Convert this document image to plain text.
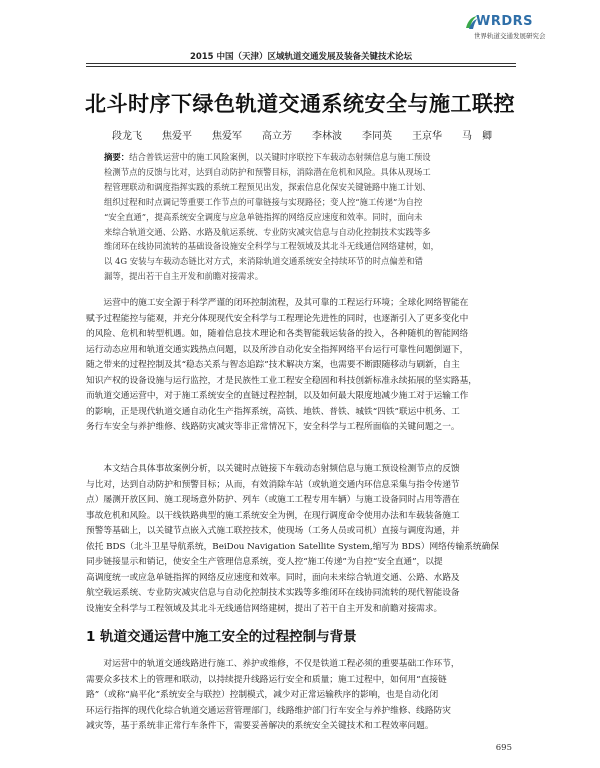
WRDRS
世界轨道交通发展研究会
2015 中国（天津）区域轨道交通发展及装备关键技术论坛
北斗时序下绿色轨道交通系统安全与施工联控
段龙飞 焦爱平 焦爱军 高立芳 李林波 李同英 王京华 马　卿
摘要：结合普铁运营中的施工风险案例，以关键时序联控下车载动态射频信息与施工预设
检测节点的反馈与比对，达到自动防护和预警目标，消除潜在危机和风险。具体从现场工
程管理联动和调度指挥实践的系统工程预见出发，探索信息化保安关键链路中施工计划、
组织过程和时点调记等重要工作节点的可靠链接与实现路径；变人控“施工传递”为自控
“安全直通”，提高系统安全调度与应急单链指挥的网络反应速度和效率。同时，面向未
来综合轨道交通、公路、水路及航运系统、专业防灾减灾信息与自动化控制技术实践等多
维闭环在线协同流转的基础设备设施安全科学与工程领域及其北斗无线通信网络建树，如，
以 4G 安装与车载动态链比对方式，来消除轨道交通系统安全持续环节的时点偏差和错
漏等，提出若干自主开发和前瞻对接需求。
　　运营中的施工安全源于科学严谨的闭环控制流程，及其可靠的工程运行环境；全球化网络智能在
赋予过程能控与能观，并充分体现现代安全科学与工程理论先进性的同时，也逐渐引入了更多变化中
的风险、危机和转型机遇。如，随着信息技术理论和各类智能载运装备的投入，各种随机的智能网络
运行动态应用和轨道交通实践热点问题，以及所涉自动化安全指挥网络平台运行可靠性问题倒逼下，
随之带来的过程控制及其“稳态关系与智态追踪”技术解决方案，也需要不断跟随移动与刷新，自主
知识产权的设备设施与运行监控，才是民族性工业工程安全稳固和科技创新标准永续拓展的坚实路基，
而轨道交通运营中，对于施工系统安全的直链过程控制，以及如何最大限度地减少施工对于运输工作
的影响，正是现代轨道交通自动化生产指挥系统，高铁、地铁、普铁、城铁“四铁”联运中机务、工
务行车安全与养护维修、线路防灾减灾等非正常情况下，安全科学与工程所面临的关键问题之一。
　　本文结合具体事故案例分析，以关键时点链接下车载动态射频信息与施工预设检测节点的反馈
与比对，达到自动防护和预警目标；从而，有效消除车站（或轨道交通内环信息采集与指令传递节
点）屡测开放区间、施工现场意外防护、列车（或施工工程专用车辆）与施工设备同时占用等潜在
事故危机和风险。以干线铁路典型的施工系统安全为例，在现行调度命令使用办法和车载装备施工
预警等基础上，以关键节点嵌入式施工联控技术，使现场（工务人员或司机）直接与调度沟通，并
依托 BDS（北斗卫星导航系统，BeiDou Navigation Satellite System,缩写为 BDS）网络传输系统确保
同步链接显示和销记，使安全生产管理信息系统，变人控“施工传递”为自控“安全直通”，以提
高调度统一或应急单链指挥的网络反应速度和效率。同时，面向未来综合轨道交通、公路、水路及
航空载运系统、专业防灾减灾信息与自动化控制技术实践等多维闭环在线协同流转的现代智能设备
设施安全科学与工程领域及其北斗无线通信网络建树，提出了若干自主开发和前瞻对接需求。
1 轨道交通运营中施工安全的过程控制与背景
　　对运营中的轨道交通线路进行施工、养护或维修，不仅是铁道工程必须的重要基础工作环节，
需要众多技术上的管理和联动，以持续提升线路运行安全和质量；施工过程中，如何用“直接链
路”（或称“扁平化”系统安全与联控）控制模式，减少对正常运输秩序的影响，也是自动化闭
环运行指挥的现代化综合轨道交通运营管理部门，线路维护部门行车安全与养护维修、线路防灾
减灾等，基于系统非正常行车条件下，需要妥善解决的系统安全关键技术和工程效率问题。
695
